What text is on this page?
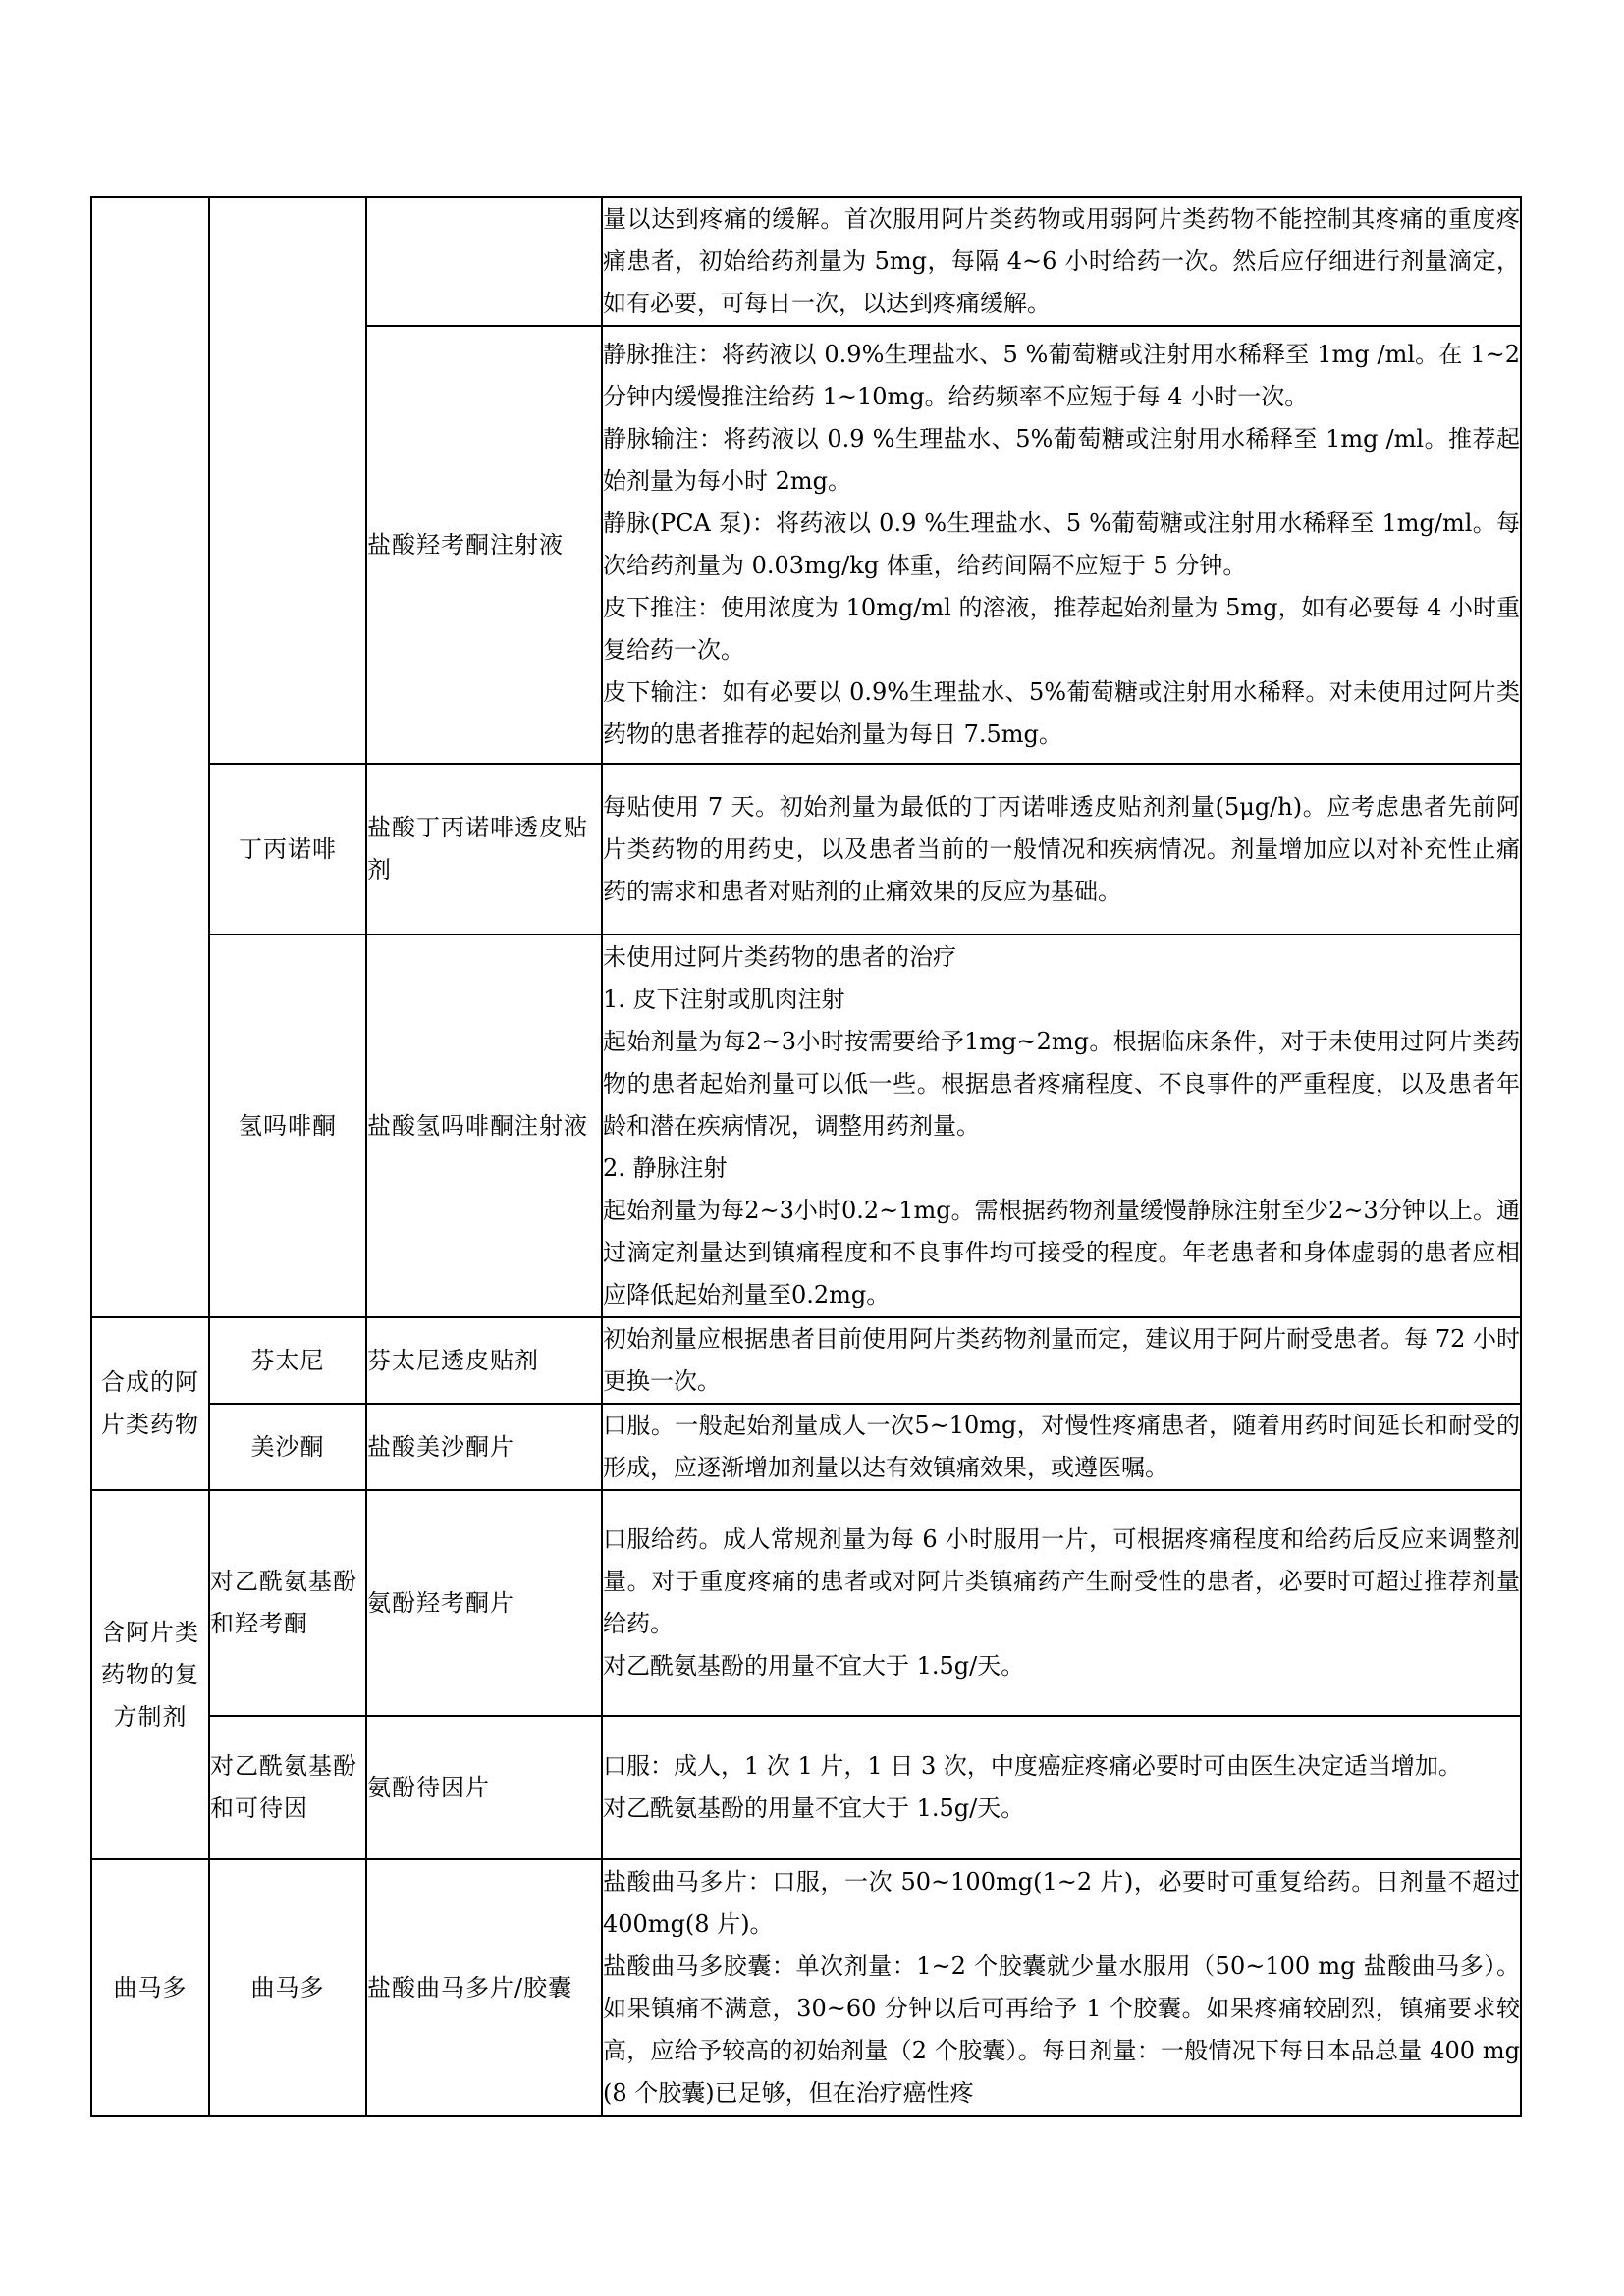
			量以达到疼痛的缓解。首次服用阿片类药物或用弱阿片类药物不能控制其疼痛的重度疼痛患者，初始给药剂量为 5mg，每隔 4~6 小时给药一次。然后应仔细进行剂量滴定，如有必要，可每日一次，以达到疼痛缓解。

		盐酸羟考酮注射液	静脉推注：将药液以 0.9%生理盐水、5 %葡萄糖或注射用水稀释至 1mg /ml。在 1~2 分钟内缓慢推注给药 1~10mg。给药频率不应短于每 4 小时一次。

静脉输注：将药液以 0.9 %生理盐水、5%葡萄糖或注射用水稀释至 1mg /ml。推荐起始剂量为每小时 2mg。

静脉(PCA 泵)：将药液以 0.9 %生理盐水、5 %葡萄糖或注射用水稀释至 1mg/ml。每次给药剂量为 0.03mg/kg 体重，给药间隔不应短于 5 分钟。

皮下推注：使用浓度为 10mg/ml 的溶液，推荐起始剂量为 5mg，如有必要每 4 小时重复给药一次。

皮下输注：如有必要以 0.9%生理盐水、5%葡萄糖或注射用水稀释。对未使用过阿片类药物的患者推荐的起始剂量为每日 7.5mg。

	丁丙诺啡	盐酸丁丙诺啡透皮贴剂	每贴使用 7 天。初始剂量为最低的丁丙诺啡透皮贴剂剂量(5μg/h)。应考虑患者先前阿片类药物的用药史，以及患者当前的一般情况和疾病情况。剂量增加应以对补充性止痛药的需求和患者对贴剂的止痛效果的反应为基础。

	氢吗啡酮	盐酸氢吗啡酮注射液	未使用过阿片类药物的患者的治疗

1. 皮下注射或肌肉注射

起始剂量为每2~3小时按需要给予1mg~2mg。根据临床条件，对于未使用过阿片类药物的患者起始剂量可以低一些。根据患者疼痛程度、不良事件的严重程度，以及患者年龄和潜在疾病情况，调整用药剂量。

2. 静脉注射

起始剂量为每2~3小时0.2~1mg。需根据药物剂量缓慢静脉注射至少2~3分钟以上。通过滴定剂量达到镇痛程度和不良事件均可接受的程度。年老患者和身体虚弱的患者应相应降低起始剂量至0.2mg。

合成的阿片类药物	芬太尼	芬太尼透皮贴剂	初始剂量应根据患者目前使用阿片类药物剂量而定，建议用于阿片耐受患者。每 72 小时更换一次。

	美沙酮	盐酸美沙酮片	口服。一般起始剂量成人一次5~10mg，对慢性疼痛患者，随着用药时间延长和耐受的形成，应逐渐增加剂量以达有效镇痛效果，或遵医嘱。

含阿片类药物的复方制剂	对乙酰氨基酚和羟考酮	氨酚羟考酮片	口服给药。成人常规剂量为每 6 小时服用一片，可根据疼痛程度和给药后反应来调整剂量。对于重度疼痛的患者或对阿片类镇痛药产生耐受性的患者，必要时可超过推荐剂量给药。

对乙酰氨基酚的用量不宜大于 1.5g/天。

	对乙酰氨基酚和可待因	氨酚待因片	口服：成人，1 次 1 片，1 日 3 次，中度癌症疼痛必要时可由医生决定适当增加。

对乙酰氨基酚的用量不宜大于 1.5g/天。

曲马多	曲马多	盐酸曲马多片/胶囊	盐酸曲马多片：口服，一次 50~100mg(1~2 片)，必要时可重复给药。日剂量不超过 400mg(8 片)。

盐酸曲马多胶囊：单次剂量：1~2 个胶囊就少量水服用（50~100 mg 盐酸曲马多）。 如果镇痛不满意，30~60 分钟以后可再给予 1 个胶囊。如果疼痛较剧烈，镇痛要求较高，应给予较高的初始剂量（2 个胶囊）。每日剂量：一般情况下每日本品总量 400 mg (8 个胶囊)已足够，但在治疗癌性疼
